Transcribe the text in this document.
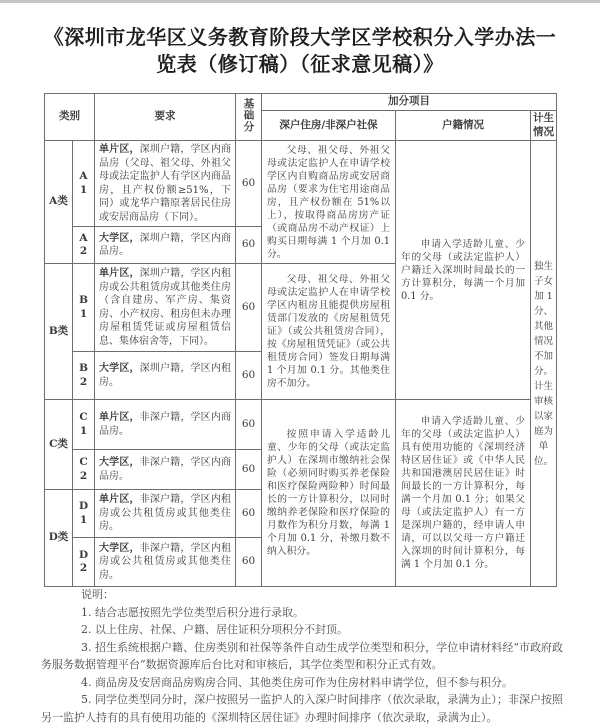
《深圳市龙华区义务教育阶段大学区学校积分入学办法一览表（修订稿）（征求意见稿）》
类别		要求	基础分	加分项目		
				深户住房/非深户社保	户籍情况	计生情况
A类	A1	单片区，深圳户籍，学区内商品房（父母、祖父母、外祖父母或法定监护人有学区内商品房，且产权份额≥51%，下同）或龙华户籍原著居民住房或安居商品房（下同）。	60	父母、祖父母、外祖父母或法定监护人在申请学校学区内自购商品房或安居商品房（要求为住宅用途商品房，且产权份额在 51%以上），按取得商品房房产证（或商品房不动产权证）上购买日期每满 1 个月加 0.1 分。	申请入学适龄儿童、少年的父母（或法定监护人）户籍迁入深圳时间最长的一方计算积分，每满一个月加 0.1 分。	独生子女加 1 分、其他情况不加分。计生审核以家庭为单位。
	A2	大学区，深圳户籍，学区内商品房。	60			
B类	B1	单片区，深圳户籍，学区内租房或公共租赁房或其他类住房（含自建房、军产房、集资房、小产权房、租房但未办理房屋租赁凭证或房屋租赁信息、集体宿舍等，下同）。	60	父母、祖父母、外祖父母或法定监护人在申请学校学区内租房且能提供房屋租赁部门发放的《房屋租赁凭证》（或公共租赁房合同），按《房屋租赁凭证》（或公共租赁房合同）签发日期每满 1 个月加 0.1 分。其他类住房不加分。		
	B2	大学区，深圳户籍，学区内租房。	60			
C类	C1	单片区，非深户籍，学区内商品房。	60	按照申请入学适龄儿童、少年的父母（或法定监护人）在深圳市缴纳社会保险（必须同时购买养老保险和医疗保险两险种）时间最长的一方计算积分，以同时缴纳养老保险和医疗保险的月数作为积分月数，每满 1 个月加 0.1 分，补缴月数不纳入积分。	申请入学适龄儿童、少年的父母（或法定监护人）具有使用功能的《深圳经济特区居住证》或《中华人民共和国港澳居民居住证》时间最长的一方计算积分，每满一个月加 0.1 分；如果父母（或法定监护人）有一方是深圳户籍的，经申请人申请，可以以父母一方户籍迁入深圳的时间计算积分，每满 1 个月加 0.1 分。	
	C2	大学区，非深户籍，学区内商品房。	60			
D类	D1	单片区，非深户籍，学区内租房或公共租赁房或其他类住房。	60			
	D2	大学区，非深户籍，学区内租房或公共租赁房或其他类住房。	60			

说明：

1. 结合志愿按照先学位类型后积分进行录取。

2. 以上住房、社保、户籍、居住证积分项积分不封顶。

3. 招生系统根据户籍、住房类别和社保等条件自动生成学位类型和积分，学位申请材料经“市政府政务服务数据管理平台”数据资源库后台比对和审核后，其学位类型和积分正式有效。

4. 商品房及安居商品房购房合同、其他类住房可作为住房材料申请学位，但不参与积分。

5. 同学位类型同分时，深户按照另一监护人的入深户时间排序（依次录取，录满为止）；非深户按照另一监护人持有的具有使用功能的《深圳特区居住证》办理时间排序（依次录取，录满为止）。
